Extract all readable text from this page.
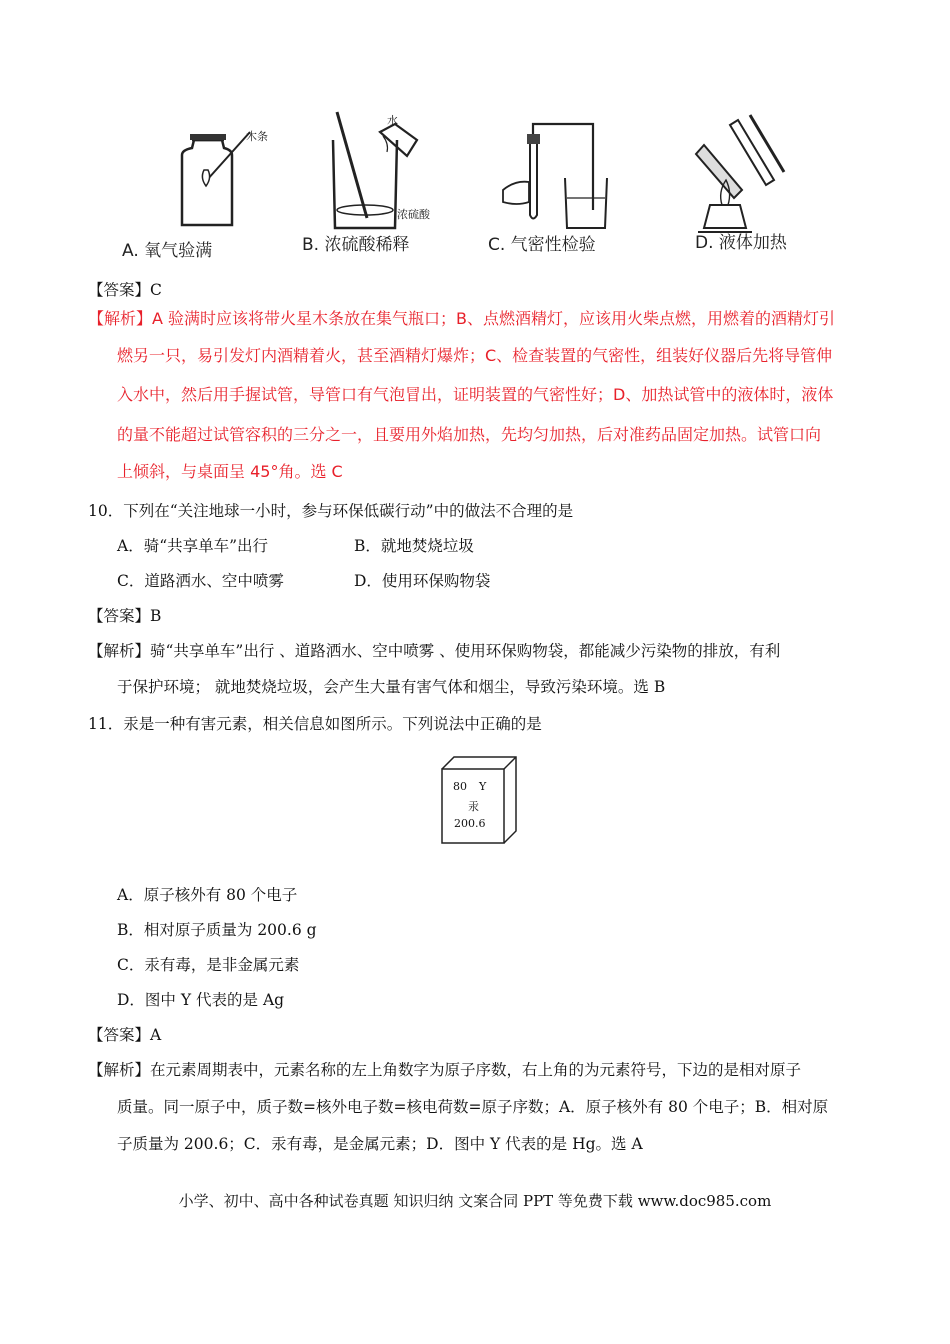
木条
水
浓硫酸
A. 氧气验满	B. 浓硫酸稀释	C. 气密性检验	D. 液体加热
【答案】C
【解析】A 验满时应该将带火星木条放在集气瓶口；B、点燃酒精灯，应该用火柴点燃，用燃着的酒精灯引
燃另一只，易引发灯内酒精着火，甚至酒精灯爆炸；C、检查装置的气密性，组装好仪器后先将导管伸
入水中，然后用手握试管，导管口有气泡冒出，证明装置的气密性好；D、加热试管中的液体时，液体
的量不能超过试管容积的三分之一，且要用外焰加热，先均匀加热，后对准药品固定加热。试管口向
上倾斜，与桌面呈 45°角。选 C
10．下列在“关注地球一小时，参与环保低碳行动”中的做法不合理的是
A．骑“共享单车”出行	B．就地焚烧垃圾
C．道路洒水、空中喷雾	D．使用环保购物袋
【答案】B
【解析】骑“共享单车”出行 、道路洒水、空中喷雾 、使用环保购物袋，都能减少污染物的排放，有利
于保护环境； 就地焚烧垃圾，会产生大量有害气体和烟尘，导致污染环境。选 B
11．汞是一种有害元素，相关信息如图所示。下列说法中正确的是
80 Y
汞
200.6
A．原子核外有 80 个电子
B．相对原子质量为 200.6 g
C．汞有毒，是非金属元素
D．图中 Y 代表的是 Ag
【答案】A
【解析】在元素周期表中，元素名称的左上角数字为原子序数，右上角的为元素符号，下边的是相对原子
质量。同一原子中，质子数=核外电子数=核电荷数=原子序数；A．原子核外有 80 个电子；B．相对原
子质量为 200.6；C．汞有毒，是金属元素；D．图中 Y 代表的是 Hg。选 A
小学、初中、高中各种试卷真题 知识归纳 文案合同 PPT 等免费下载 www.doc985.com
